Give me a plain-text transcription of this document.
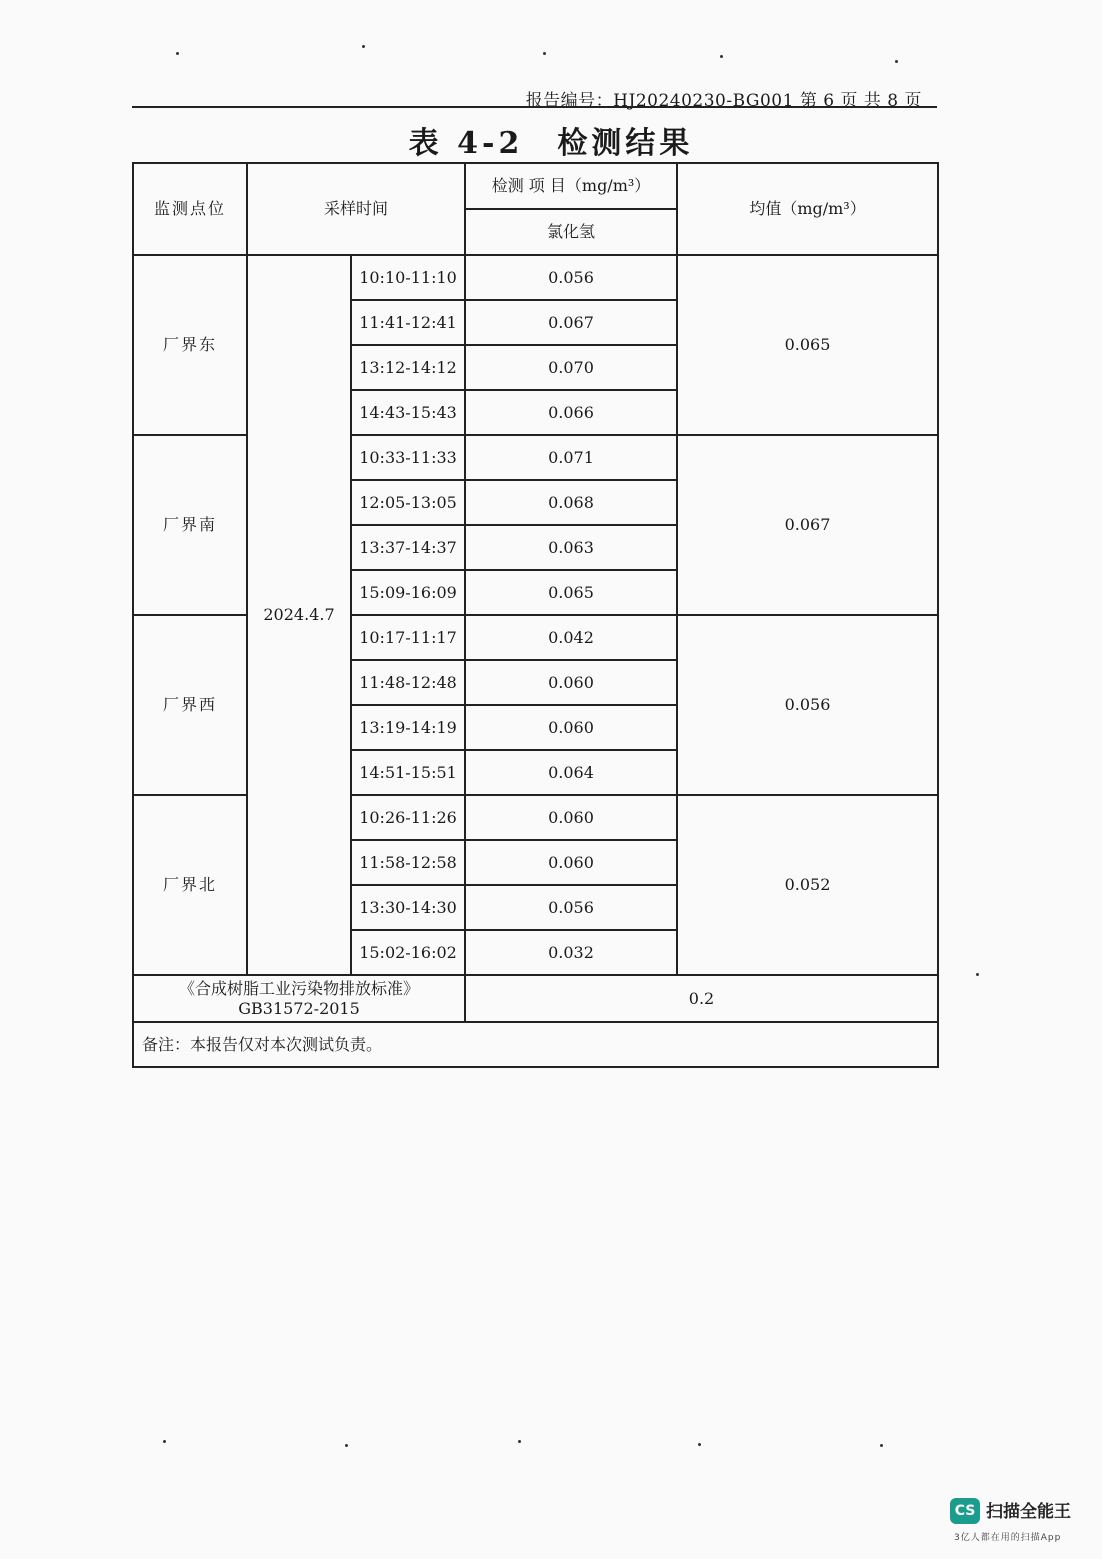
报告编号：HJ20240230-BG001 第 6 页 共 8 页
表 4-2　检测结果
监测点位	采样时间		检测 项 目（mg/m³）	均值（mg/m³）
			氯化氢	
厂界东	2024.4.7	10:10-11:10	0.056	0.065
		11:41-12:41	0.067	
		13:12-14:12	0.070	
		14:43-15:43	0.066	
厂界南		10:33-11:33	0.071	0.067
		12:05-13:05	0.068	
		13:37-14:37	0.063	
		15:09-16:09	0.065	
厂界西		10:17-11:17	0.042	0.056
		11:48-12:48	0.060	
		13:19-14:19	0.060	
		14:51-15:51	0.064	
厂界北		10:26-11:26	0.060	0.052
		11:58-12:58	0.060	
		13:30-14:30	0.056	
		15:02-16:02	0.032	

《合成树脂工业污染物排放标准》
GB31572-2015			0.2	
备注：本报告仅对本次测试负责。				
CS 扫描全能王
3亿人都在用的扫描App
